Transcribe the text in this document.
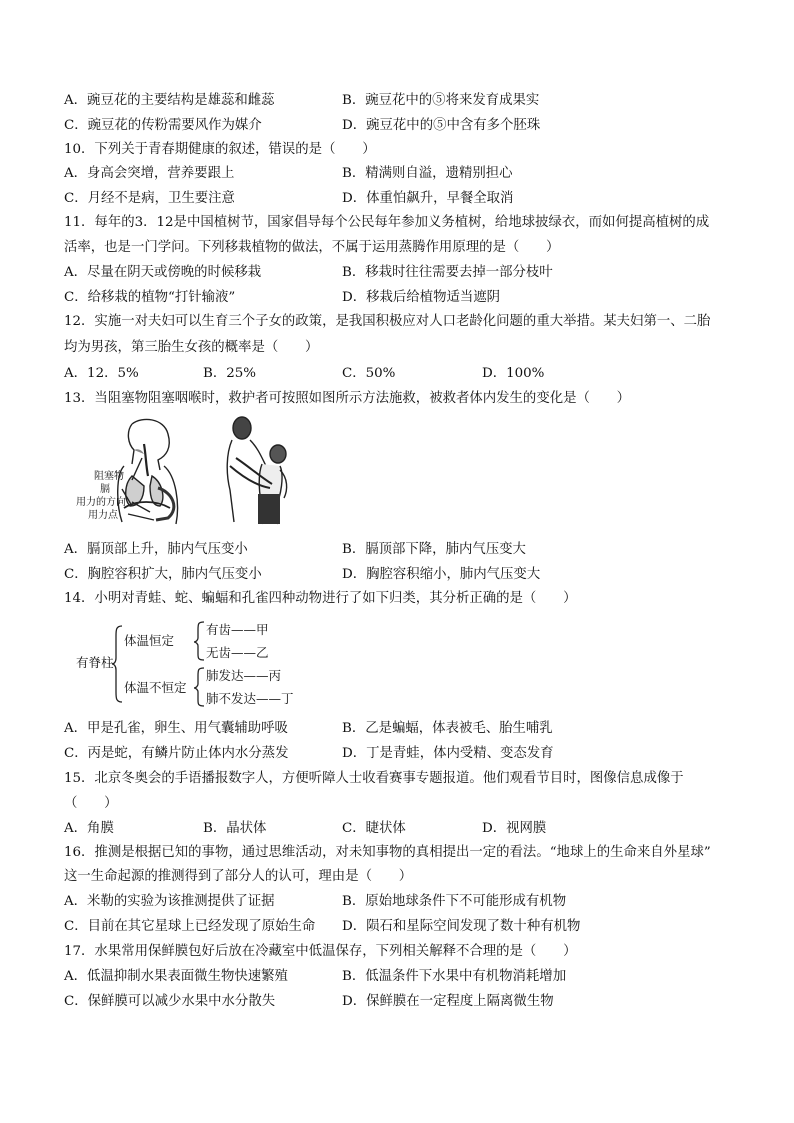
A．豌豆花的主要结构是雄蕊和雌蕊	B．豌豆花中的⑤将来发育成果实
C．豌豆花的传粉需要风作为媒介	D．豌豆花中的⑤中含有多个胚珠
10．下列关于青春期健康的叙述，错误的是（　　）
A．身高会突增，营养要跟上	B．精满则自溢，遗精别担心
C．月经不是病，卫生要注意	D．体重怕飙升，早餐全取消
11．每年的3．12是中国植树节，国家倡导每个公民每年参加义务植树，给地球披绿衣，而如何提高植树的成
活率，也是一门学问。下列移栽植物的做法，不属于运用蒸腾作用原理的是（　　）
A．尽量在阴天或傍晚的时候移栽	B．移栽时往往需要去掉一部分枝叶
C．给移栽的植物“打针输液”	D．移栽后给植物适当遮阴
12．实施一对夫妇可以生育三个子女的政策，是我国积极应对人口老龄化问题的重大举措。某夫妇第一、二胎
均为男孩，第三胎生女孩的概率是（　　）
A．12．5%	B．25%	C．50%	D．100%
13．当阻塞物阻塞咽喉时，救护者可按照如图所示方法施救，被救者体内发生的变化是（　　）
阻塞物
膈
用力的方向
用力点
A．膈顶部上升，肺内气压变小	B．膈顶部下降，肺内气压变大
C．胸腔容积扩大，肺内气压变小	D．胸腔容积缩小，肺内气压变大
14．小明对青蛙、蛇、蝙蝠和孔雀四种动物进行了如下归类，其分析正确的是（　　）
有脊柱
体温恒定
体温不恒定
有齿——甲
无齿——乙
肺发达——丙
肺不发达——丁
A．甲是孔雀，卵生、用气囊辅助呼吸	B．乙是蝙蝠，体表被毛、胎生哺乳
C．丙是蛇，有鳞片防止体内水分蒸发	D．丁是青蛙，体内受精、变态发育
15．北京冬奥会的手语播报数字人，方便听障人士收看赛事专题报道。他们观看节目时，图像信息成像于
（　　）
A．角膜	B．晶状体	C．睫状体	D．视网膜
16．推测是根据已知的事物，通过思维活动，对未知事物的真相提出一定的看法。“地球上的生命来自外星球”
这一生命起源的推测得到了部分人的认可，理由是（　　）
A．米勒的实验为该推测提供了证据	B．原始地球条件下不可能形成有机物
C．目前在其它星球上已经发现了原始生命 D．陨石和星际空间发现了数十种有机物
17．水果常用保鲜膜包好后放在冷藏室中低温保存，下列相关解释不合理的是（　　）
A．低温抑制水果表面微生物快速繁殖	B．低温条件下水果中有机物消耗增加
C．保鲜膜可以减少水果中水分散失	D．保鲜膜在一定程度上隔离微生物
